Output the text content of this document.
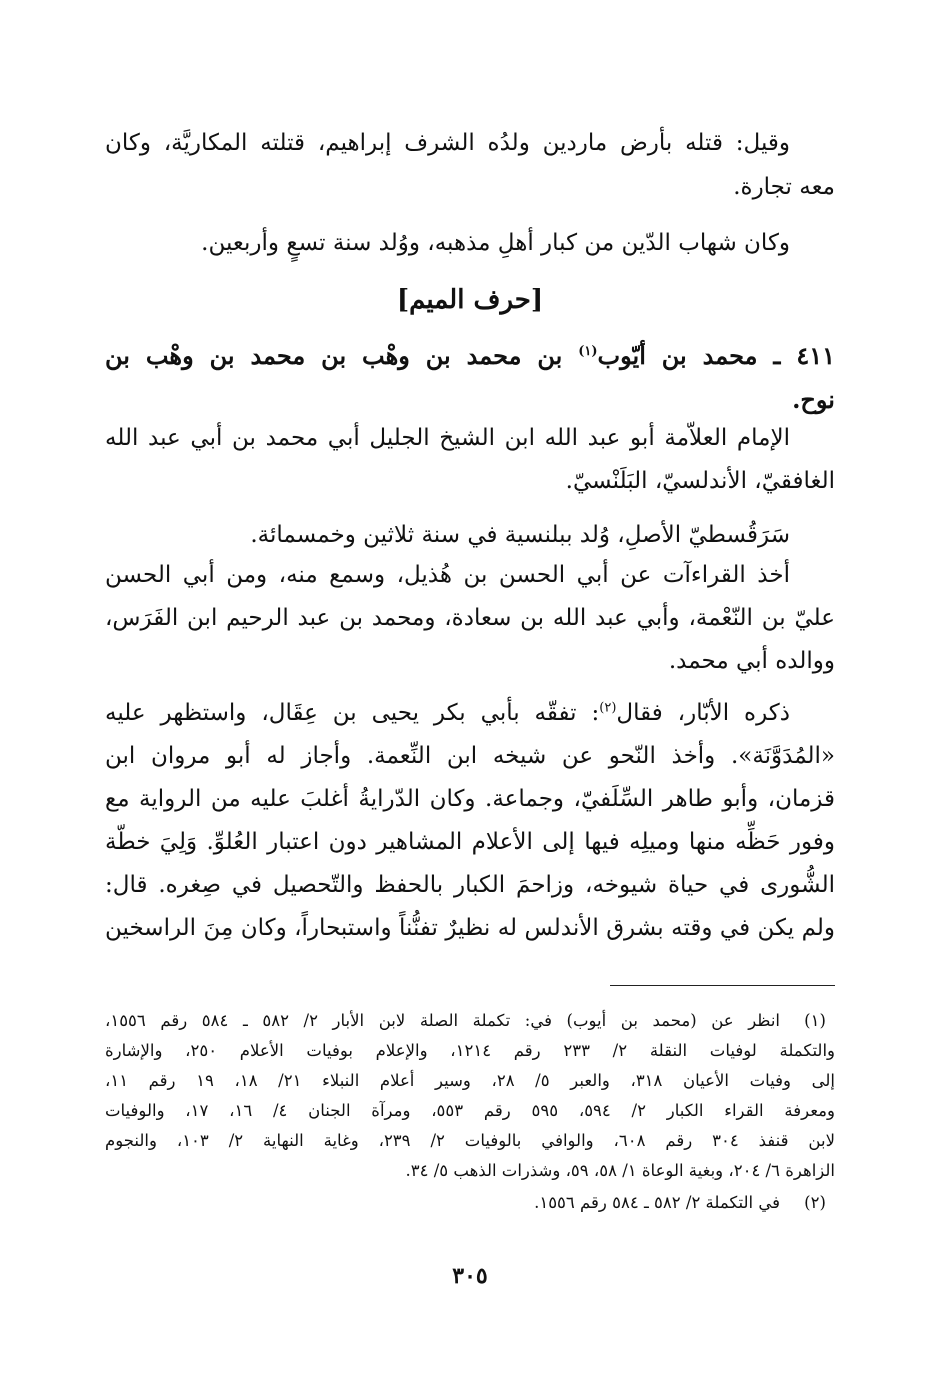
وقيل: قتله بأرض ماردين ولدُه الشرف إبراهيم، قتلته المكاريَّة، وكان
معه تجارة.
وكان شهاب الدّين من كبار أهلِ مذهبه، ووُلد سنة تسعٍ وأربعين.
[حرف الميم]
٤١١ ـ محمد بن أيّوب$^{(١)}$ بن محمد بن وهْب بن محمد بن وهْب بن
نوح.
الإمام العلاّمة أبو عبد الله ابن الشيخ الجليل أبي محمد بن أبي عبد الله
الغافقيّ، الأندلسيّ، البَلَنْسيّ.
سَرَقُسطيّ الأصلِ، وُلد ببلنسية في سنة ثلاثين وخمسمائة.
أخذ القراءآت عن أبي الحسن بن هُذيل، وسمع منه، ومن أبي الحسن
عليّ بن النّعْمة، وأبي عبد الله بن سعادة، ومحمد بن عبد الرحيم ابن الفَرَس،
ووالده أبي محمد.
ذكره الأبّار، فقال$^{(٢)}$: تفقّه بأبي بكر يحيى بن عِقَال، واستظهر عليه
«المُدَوَّنَة». وأخذ النّحو عن شيخه ابن النِّعمة. وأجاز له أبو مروان ابن
قزمان، وأبو طاهر السِّلَفيّ، وجماعة. وكان الدّرايةُ أغلبَ عليه من الرواية مع
وفور حَظِّه منها وميلِه فيها إلى الأعلام المشاهير دون اعتبار العُلوِّ. وَلِيَ خطّة
الشُّورى في حياة شيوخه، وزاحمَ الكبار بالحفظ والتّحصيل في صِغره. قال:
ولم يكن في وقته بشرق الأندلس له نظيرٌ تفنُّناً واستبحاراً، وكان مِنَ الراسخين
(١)
انظر عن (محمد بن أيوب) في: تكملة الصلة لابن الأبار ٢/ ٥٨٢ ـ ٥٨٤ رقم ١٥٥٦،
والتكملة لوفيات النقلة ٢/ ٢٣٣ رقم ١٢١٤، والإعلام بوفيات الأعلام ٢٥٠، والإشارة
إلى وفيات الأعيان ٣١٨، والعبر ٥/ ٢٨، وسير أعلام النبلاء ٢١/ ١٨، ١٩ رقم ١١،
ومعرفة القراء الكبار ٢/ ٥٩٤، ٥٩٥ رقم ٥٥٣، ومرآة الجنان ٤/ ١٦، ١٧، والوفيات
لابن قنفذ ٣٠٤ رقم ٦٠٨، والوافي بالوفيات ٢/ ٢٣٩، وغاية النهاية ٢/ ١٠٣، والنجوم
الزاهرة ٦/ ٢٠٤، وبغية الوعاة ١/ ٥٨، ٥٩، وشذرات الذهب ٥/ ٣٤.
(٢)
في التكملة ٢/ ٥٨٢ ـ ٥٨٤ رقم ١٥٥٦.
٣٠٥
